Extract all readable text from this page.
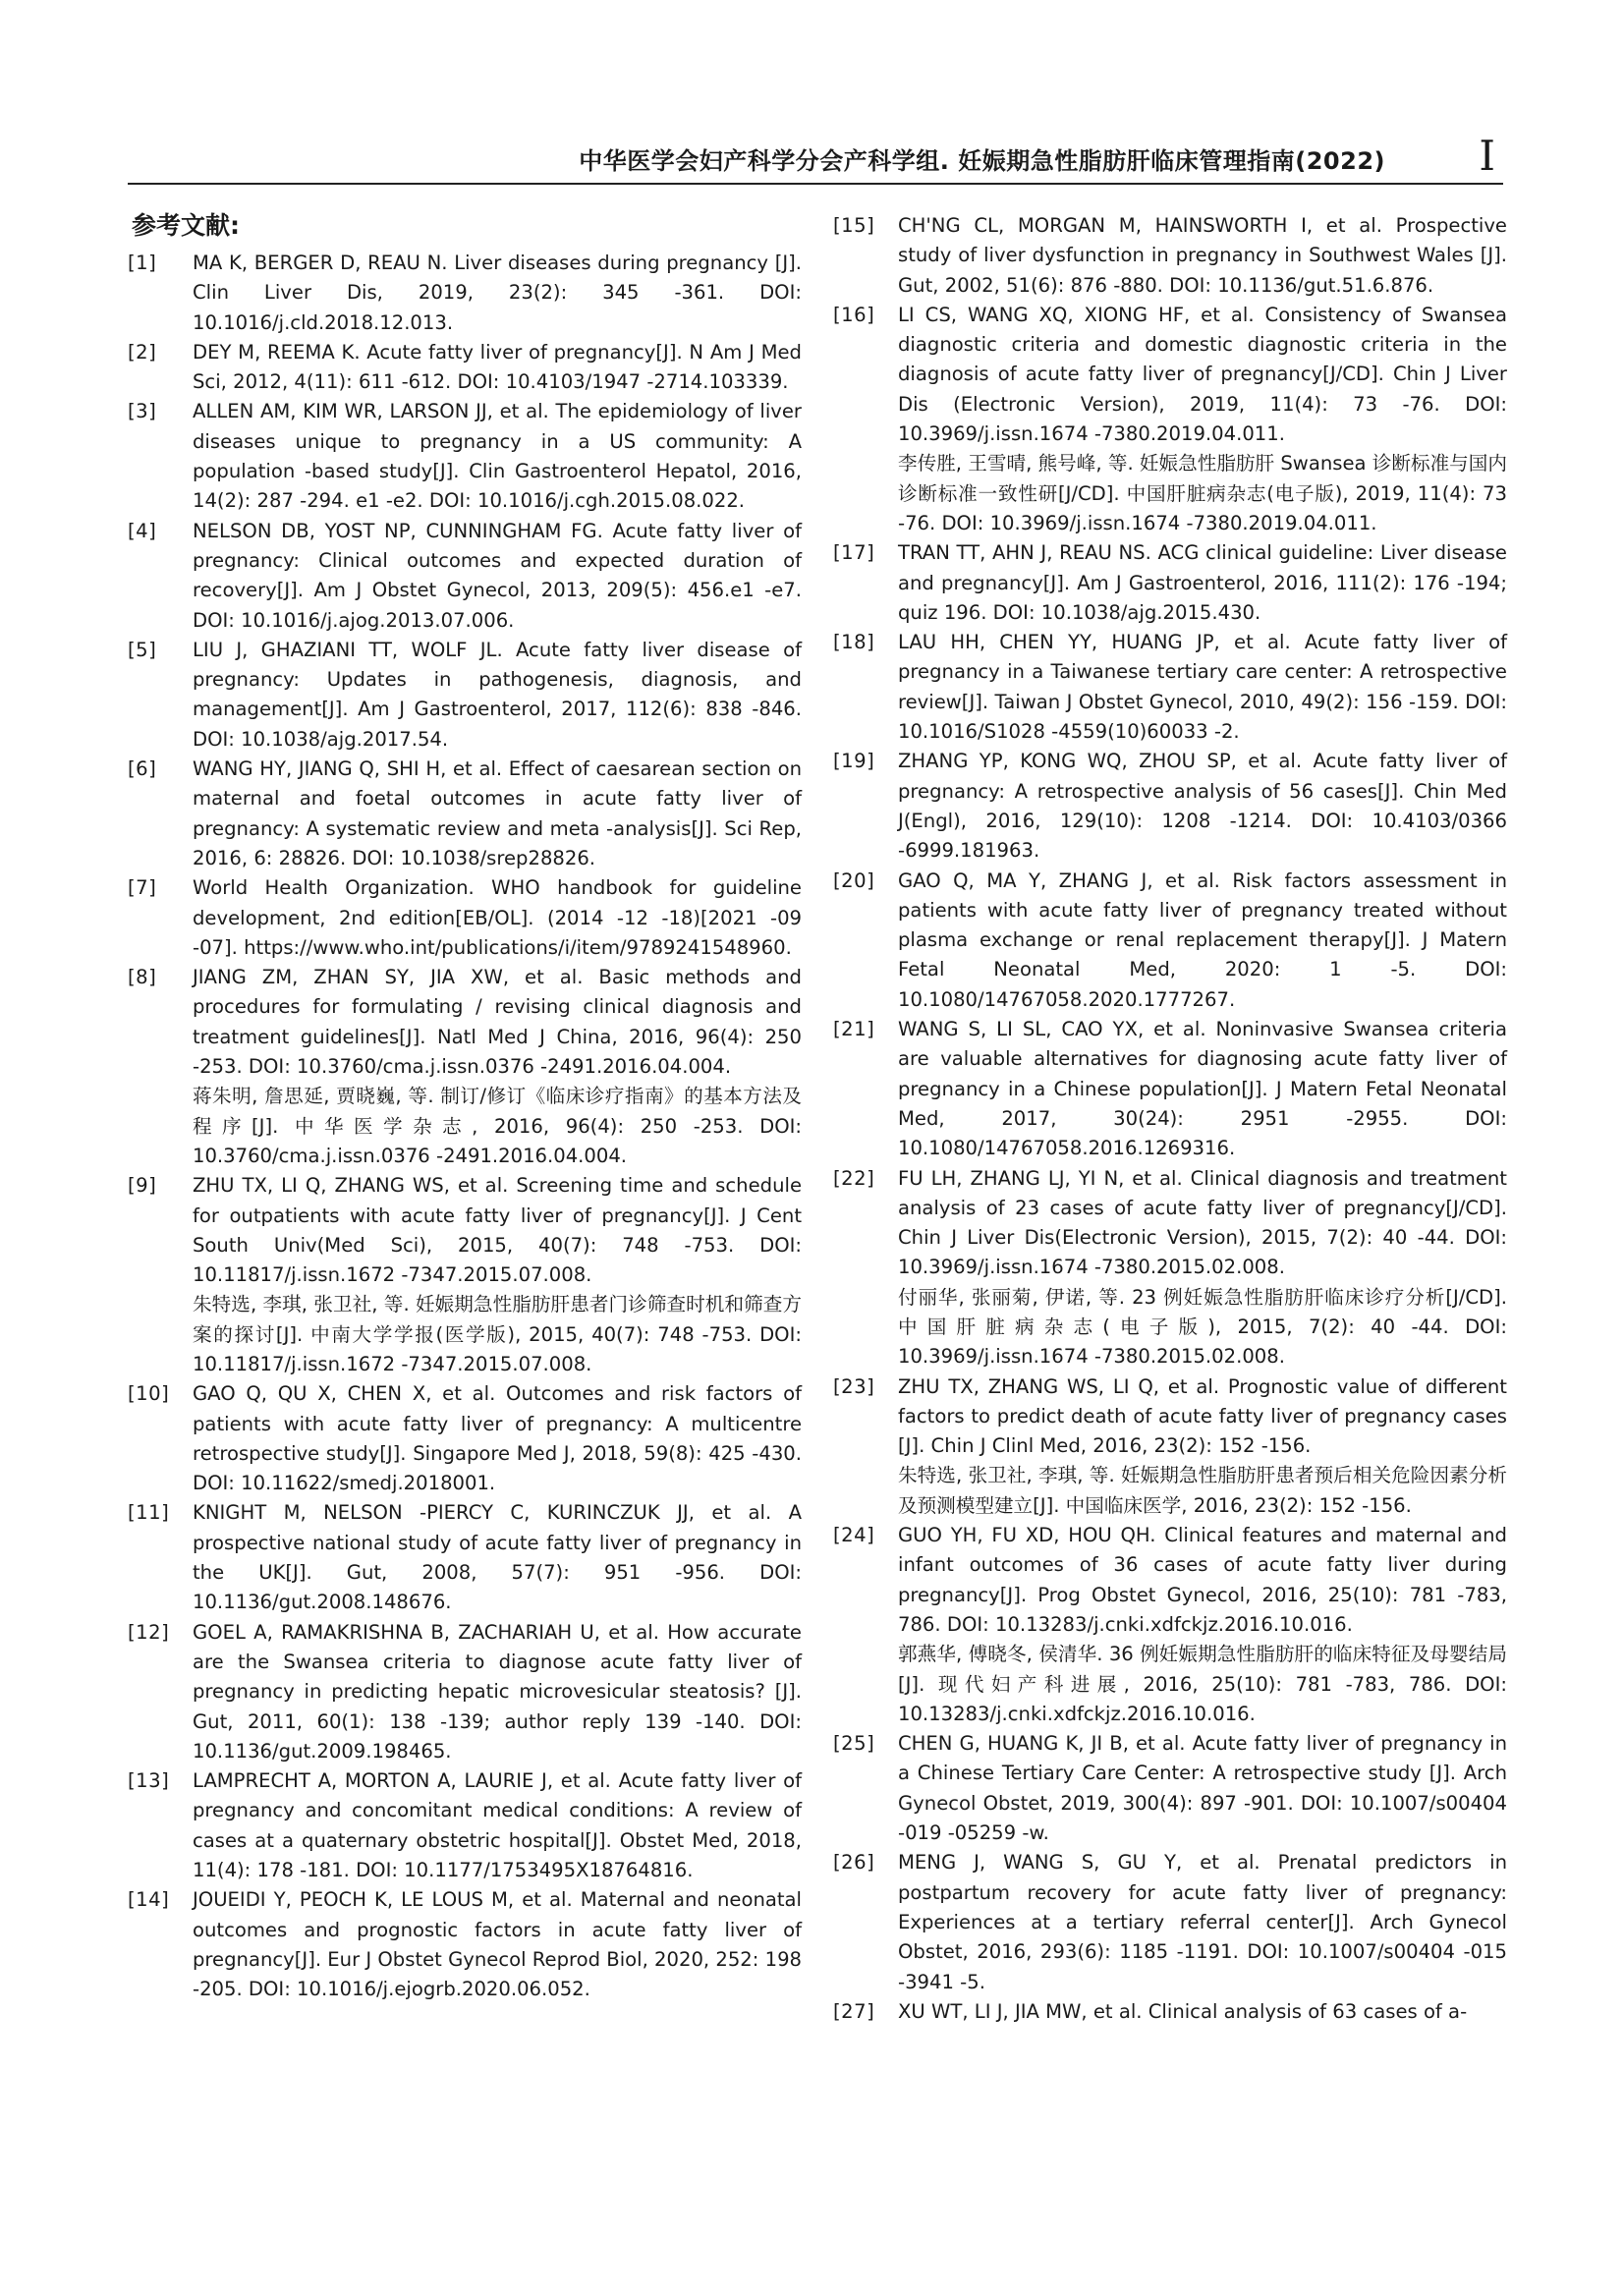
中华医学会妇产科学分会产科学组. 妊娠期急性脂肪肝临床管理指南(2022) I
参考文献:
[1]	MA K, BERGER D, REAU N. Liver diseases during pregnancy [J]. Clin Liver Dis, 2019, 23(2): 345 -361. DOI: 10.1016/j.cld.2018.12.013.
[2]	DEY M, REEMA K. Acute fatty liver of pregnancy[J]. N Am J Med Sci, 2012, 4(11): 611 -612. DOI: 10.4103/1947 -2714.103339.
[3]	ALLEN AM, KIM WR, LARSON JJ, et al. The epidemiology of liver diseases unique to pregnancy in a US community: A population -based study[J]. Clin Gastroenterol Hepatol, 2016, 14(2): 287 -294. e1 -e2. DOI: 10.1016/j.cgh.2015.08.022.
[4]	NELSON DB, YOST NP, CUNNINGHAM FG. Acute fatty liver of pregnancy: Clinical outcomes and expected duration of recovery[J]. Am J Obstet Gynecol, 2013, 209(5): 456.e1 -e7. DOI: 10.1016/j.ajog.2013.07.006.
[5]	LIU J, GHAZIANI TT, WOLF JL. Acute fatty liver disease of pregnancy: Updates in pathogenesis, diagnosis, and management[J]. Am J Gastroenterol, 2017, 112(6): 838 -846. DOI: 10.1038/ajg.2017.54.
[6]	WANG HY, JIANG Q, SHI H, et al. Effect of caesarean section on maternal and foetal outcomes in acute fatty liver of pregnancy: A systematic review and meta -analysis[J]. Sci Rep, 2016, 6: 28826. DOI: 10.1038/srep28826.
[7]	World Health Organization. WHO handbook for guideline development, 2nd edition[EB/OL]. (2014 -12 -18)[2021 -09 -07]. https://www.who.int/publications/i/item/9789241548960.
[8]	JIANG ZM, ZHAN SY, JIA XW, et al. Basic methods and procedures for formulating / revising clinical diagnosis and treatment guidelines[J]. Natl Med J China, 2016, 96(4): 250 -253. DOI: 10.3760/cma.j.issn.0376 -2491.2016.04.004.
蒋朱明, 詹思延, 贾晓巍, 等. 制订/修订《临床诊疗指南》的基本方法及程序[J]. 中华医学杂志, 2016, 96(4): 250 -253. DOI: 10.3760/cma.j.issn.0376 -2491.2016.04.004.
[9]	ZHU TX, LI Q, ZHANG WS, et al. Screening time and schedule for outpatients with acute fatty liver of pregnancy[J]. J Cent South Univ(Med Sci), 2015, 40(7): 748 -753. DOI: 10.11817/j.issn.1672 -7347.2015.07.008.
朱特选, 李琪, 张卫社, 等. 妊娠期急性脂肪肝患者门诊筛查时机和筛查方案的探讨[J]. 中南大学学报(医学版), 2015, 40(7): 748 -753. DOI: 10.11817/j.issn.1672 -7347.2015.07.008.
[10]	GAO Q, QU X, CHEN X, et al. Outcomes and risk factors of patients with acute fatty liver of pregnancy: A multicentre retrospective study[J]. Singapore Med J, 2018, 59(8): 425 -430. DOI: 10.11622/smedj.2018001.
[11]	KNIGHT M, NELSON -PIERCY C, KURINCZUK JJ, et al. A prospective national study of acute fatty liver of pregnancy in the UK[J]. Gut, 2008, 57(7): 951 -956. DOI: 10.1136/gut.2008.148676.
[12]	GOEL A, RAMAKRISHNA B, ZACHARIAH U, et al. How accurate are the Swansea criteria to diagnose acute fatty liver of pregnancy in predicting hepatic microvesicular steatosis? [J]. Gut, 2011, 60(1): 138 -139; author reply 139 -140. DOI: 10.1136/gut.2009.198465.
[13]	LAMPRECHT A, MORTON A, LAURIE J, et al. Acute fatty liver of pregnancy and concomitant medical conditions: A review of cases at a quaternary obstetric hospital[J]. Obstet Med, 2018, 11(4): 178 -181. DOI: 10.1177/1753495X18764816.
[14]	JOUEIDI Y, PEOCH K, LE LOUS M, et al. Maternal and neonatal outcomes and prognostic factors in acute fatty liver of pregnancy[J]. Eur J Obstet Gynecol Reprod Biol, 2020, 252: 198 -205. DOI: 10.1016/j.ejogrb.2020.06.052.
[15]	CH'NG CL, MORGAN M, HAINSWORTH I, et al. Prospective study of liver dysfunction in pregnancy in Southwest Wales [J]. Gut, 2002, 51(6): 876 -880. DOI: 10.1136/gut.51.6.876.
[16]	LI CS, WANG XQ, XIONG HF, et al. Consistency of Swansea diagnostic criteria and domestic diagnostic criteria in the diagnosis of acute fatty liver of pregnancy[J/CD]. Chin J Liver Dis (Electronic Version), 2019, 11(4): 73 -76. DOI: 10.3969/j.issn.1674 -7380.2019.04.011.
李传胜, 王雪晴, 熊号峰, 等. 妊娠急性脂肪肝 Swansea 诊断标准与国内诊断标准一致性研[J/CD]. 中国肝脏病杂志(电子版), 2019, 11(4): 73 -76. DOI: 10.3969/j.issn.1674 -7380.2019.04.011.
[17]	TRAN TT, AHN J, REAU NS. ACG clinical guideline: Liver disease and pregnancy[J]. Am J Gastroenterol, 2016, 111(2): 176 -194; quiz 196. DOI: 10.1038/ajg.2015.430.
[18]	LAU HH, CHEN YY, HUANG JP, et al. Acute fatty liver of pregnancy in a Taiwanese tertiary care center: A retrospective review[J]. Taiwan J Obstet Gynecol, 2010, 49(2): 156 -159. DOI: 10.1016/S1028 -4559(10)60033 -2.
[19]	ZHANG YP, KONG WQ, ZHOU SP, et al. Acute fatty liver of pregnancy: A retrospective analysis of 56 cases[J]. Chin Med J(Engl), 2016, 129(10): 1208 -1214. DOI: 10.4103/0366 -6999.181963.
[20]	GAO Q, MA Y, ZHANG J, et al. Risk factors assessment in patients with acute fatty liver of pregnancy treated without plasma exchange or renal replacement therapy[J]. J Matern Fetal Neonatal Med, 2020: 1 -5. DOI: 10.1080/14767058.2020.1777267.
[21]	WANG S, LI SL, CAO YX, et al. Noninvasive Swansea criteria are valuable alternatives for diagnosing acute fatty liver of pregnancy in a Chinese population[J]. J Matern Fetal Neonatal Med, 2017, 30(24): 2951 -2955. DOI: 10.1080/14767058.2016.1269316.
[22]	FU LH, ZHANG LJ, YI N, et al. Clinical diagnosis and treatment analysis of 23 cases of acute fatty liver of pregnancy[J/CD]. Chin J Liver Dis(Electronic Version), 2015, 7(2): 40 -44. DOI: 10.3969/j.issn.1674 -7380.2015.02.008.
付丽华, 张丽菊, 伊诺, 等. 23 例妊娠急性脂肪肝临床诊疗分析[J/CD]. 中国肝脏病杂志(电子版), 2015, 7(2): 40 -44. DOI: 10.3969/j.issn.1674 -7380.2015.02.008.
[23]	ZHU TX, ZHANG WS, LI Q, et al. Prognostic value of different factors to predict death of acute fatty liver of pregnancy cases [J]. Chin J Clinl Med, 2016, 23(2): 152 -156.
朱特选, 张卫社, 李琪, 等. 妊娠期急性脂肪肝患者预后相关危险因素分析及预测模型建立[J]. 中国临床医学, 2016, 23(2): 152 -156.
[24]	GUO YH, FU XD, HOU QH. Clinical features and maternal and infant outcomes of 36 cases of acute fatty liver during pregnancy[J]. Prog Obstet Gynecol, 2016, 25(10): 781 -783, 786. DOI: 10.13283/j.cnki.xdfckjz.2016.10.016.
郭燕华, 傅晓冬, 侯清华. 36 例妊娠期急性脂肪肝的临床特征及母婴结局[J]. 现代妇产科进展, 2016, 25(10): 781 -783, 786. DOI: 10.13283/j.cnki.xdfckjz.2016.10.016.
[25]	CHEN G, HUANG K, JI B, et al. Acute fatty liver of pregnancy in a Chinese Tertiary Care Center: A retrospective study [J]. Arch Gynecol Obstet, 2019, 300(4): 897 -901. DOI: 10.1007/s00404 -019 -05259 -w.
[26]	MENG J, WANG S, GU Y, et al. Prenatal predictors in postpartum recovery for acute fatty liver of pregnancy: Experiences at a tertiary referral center[J]. Arch Gynecol Obstet, 2016, 293(6): 1185 -1191. DOI: 10.1007/s00404 -015 -3941 -5.
[27]	XU WT, LI J, JIA MW, et al. Clinical analysis of 63 cases of a-
